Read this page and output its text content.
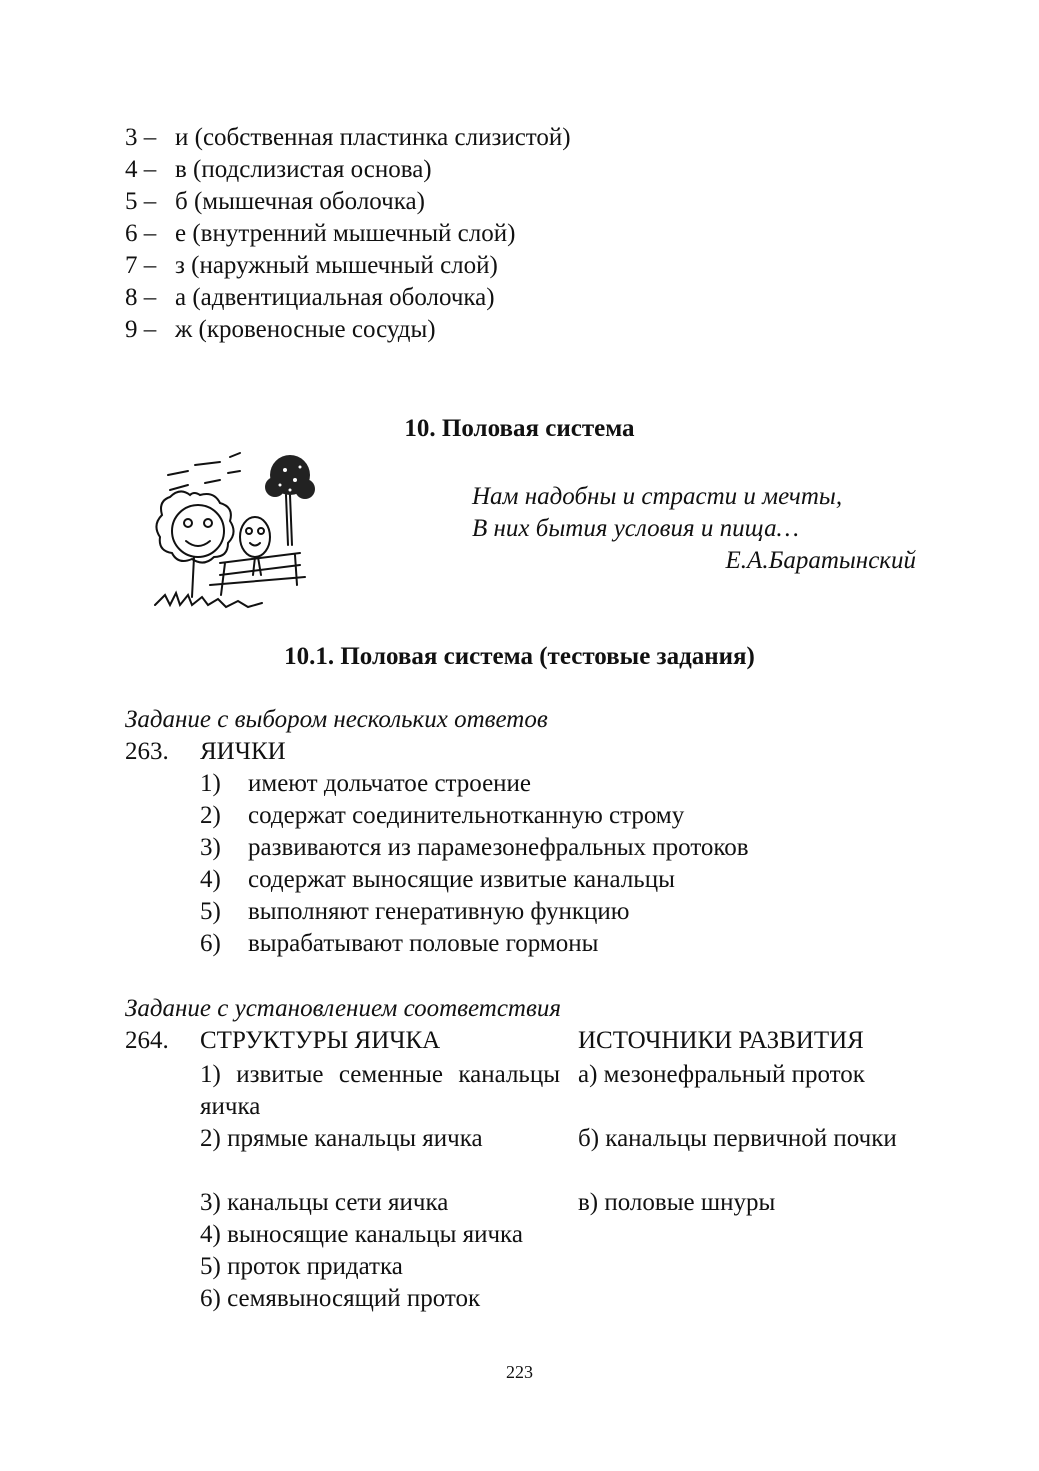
3 – и (собственная пластинка слизистой)
4 – в (подслизистая основа)
5 – б (мышечная оболочка)
6 – е (внутренний мышечный слой)
7 – з (наружный мышечный слой)
8 – а (адвентициальная оболочка)
9 – ж (кровеносные сосуды)
10. Половая система
Нам надобны и страсти и мечты,
В них бытия условия и пища…
Е.А.Баратынский
10.1. Половая система (тестовые задания)
Задание с выбором нескольких ответов
263. ЯИЧКИ
1) имеют дольчатое строение
2) содержат соединительнотканную строму
3) развиваются из парамезонефральных протоков
4) содержат выносящие извитые канальцы
5) выполняют генеративную функцию
6) вырабатывают половые гормоны
Задание с установлением соответствия
264. СТРУКТУРЫ ЯИЧКА	ИСТОЧНИКИ РАЗВИТИЯ
1) извитые семенные канальцы яичка
2) прямые канальцы яичка
3) канальцы сети яичка
4) выносящие канальцы яичка
5) проток придатка
6) семявыносящий проток
а) мезонефральный проток
б) канальцы первичной почки
в) половые шнуры
223
